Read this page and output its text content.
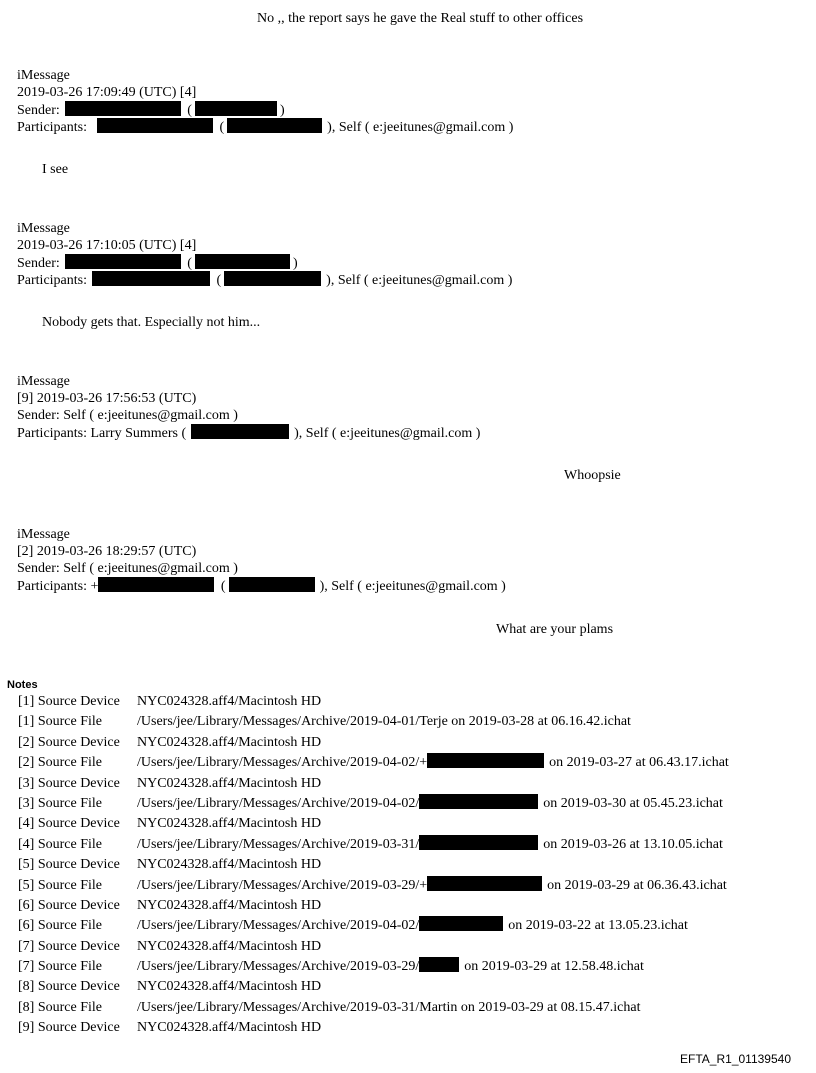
No ,, the report says he gave the Real stuff to other offices
iMessage
2019-03-26 17:09:49 (UTC) [4]
Sender:	(	)
Participants:	(	), Self ( e:jeeitunes@gmail.com )
I see
iMessage
2019-03-26 17:10:05 (UTC) [4]
Sender:	(	)
Participants:	(	), Self ( e:jeeitunes@gmail.com )
Nobody gets that. Especially not him...
iMessage
[9] 2019-03-26 17:56:53 (UTC)
Sender: Self ( e:jeeitunes@gmail.com )
Participants: Larry Summers (	), Self ( e:jeeitunes@gmail.com )
Whoopsie
iMessage
[2] 2019-03-26 18:29:57 (UTC)
Sender: Self ( e:jeeitunes@gmail.com )
Participants: +	(	), Self ( e:jeeitunes@gmail.com )
What are your plams
Notes
[1] Source Device NYC024328.aff4/Macintosh HD
[1] Source File	/Users/jee/Library/Messages/Archive/2019-04-01/Terje on 2019-03-28 at 06.16.42.ichat
[2] Source Device NYC024328.aff4/Macintosh HD
[2] Source File	/Users/jee/Library/Messages/Archive/2019-04-02/+	on 2019-03-27 at 06.43.17.ichat
[3] Source Device NYC024328.aff4/Macintosh HD
[3] Source File	/Users/jee/Library/Messages/Archive/2019-04-02/	on 2019-03-30 at 05.45.23.ichat
[4] Source Device NYC024328.aff4/Macintosh HD
[4] Source File	/Users/jee/Library/Messages/Archive/2019-03-31/	on 2019-03-26 at 13.10.05.ichat
[5] Source Device NYC024328.aff4/Macintosh HD
[5] Source File	/Users/jee/Library/Messages/Archive/2019-03-29/+	on 2019-03-29 at 06.36.43.ichat
[6] Source Device NYC024328.aff4/Macintosh HD
[6] Source File	/Users/jee/Library/Messages/Archive/2019-04-02/	on 2019-03-22 at 13.05.23.ichat
[7] Source Device NYC024328.aff4/Macintosh HD
[7] Source File	/Users/jee/Library/Messages/Archive/2019-03-29/	on 2019-03-29 at 12.58.48.ichat
[8] Source Device NYC024328.aff4/Macintosh HD
[8] Source File	/Users/jee/Library/Messages/Archive/2019-03-31/Martin on 2019-03-29 at 08.15.47.ichat
[9] Source Device NYC024328.aff4/Macintosh HD
EFTA_R1_01139540
